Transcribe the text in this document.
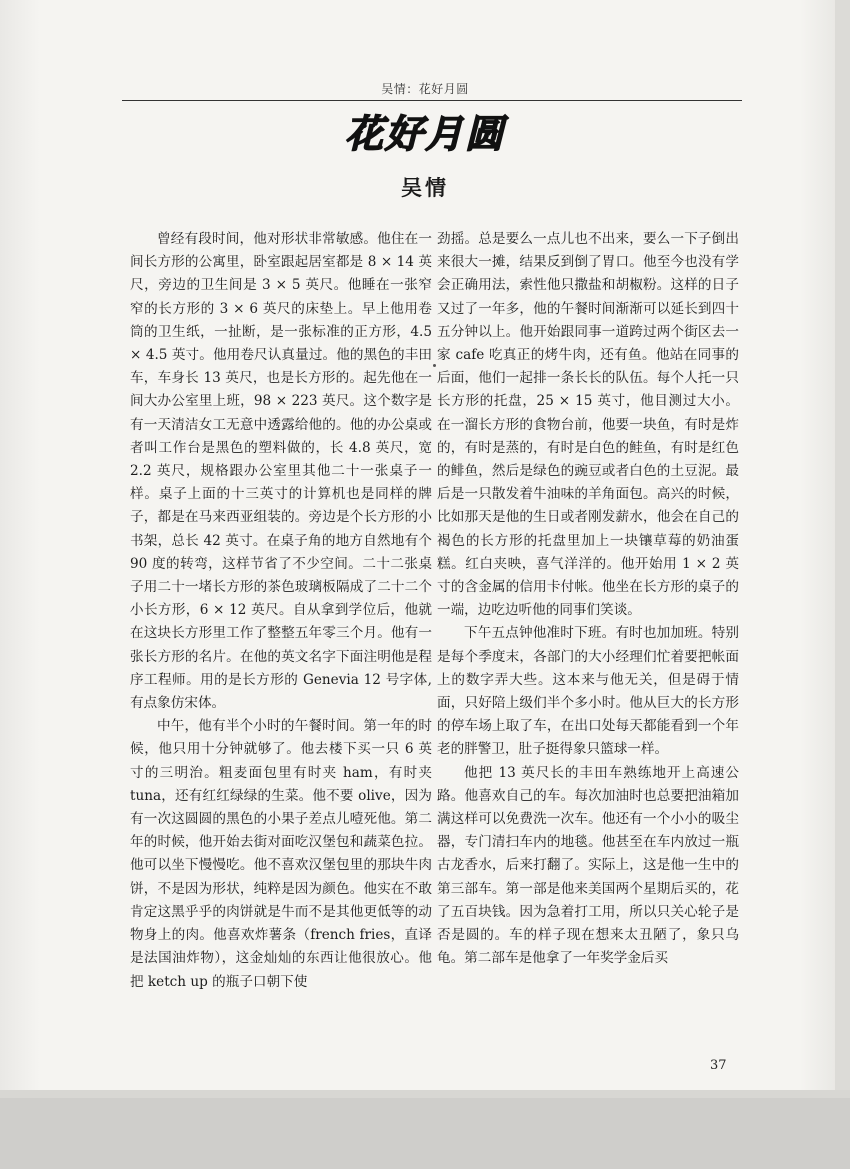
吴情：花好月圆
花好月圆
吴情

曾经有段时间，他对形状非常敏感。他住在一间长方形的公寓里，卧室跟起居室都是 8 × 14 英尺，旁边的卫生间是 3 × 5 英尺。他睡在一张窄窄的长方形的 3 × 6 英尺的床垫上。早上他用卷筒的卫生纸，一扯断，是一张标准的正方形，4.5 × 4.5 英寸。他用卷尺认真量过。他的黑色的丰田车，车身长 13 英尺，也是长方形的。起先他在一间大办公室里上班，98 × 223 英尺。这个数字是有一天清洁女工无意中透露给他的。他的办公桌或者叫工作台是黑色的塑料做的，长 4.8 英尺，宽 2.2 英尺，规格跟办公室里其他二十一张桌子一样。桌子上面的十三英寸的计算机也是同样的牌子，都是在马来西亚组装的。旁边是个长方形的小书架，总长 42 英寸。在桌子角的地方自然地有个 90 度的转弯，这样节省了不少空间。二十二张桌子用二十一堵长方形的茶色玻璃板隔成了二十二个小长方形，6 × 12 英尺。自从拿到学位后，他就在这块长方形里工作了整整五年零三个月。他有一张长方形的名片。在他的英文名字下面注明他是程序工程师。用的是长方形的 Genevia 12 号字体,有点象仿宋体。

中午，他有半个小时的午餐时间。第一年的时候，他只用十分钟就够了。他去楼下买一只 6 英寸的三明治。粗麦面包里有时夹 ham，有时夹 tuna，还有红红绿绿的生菜。他不要 olive，因为有一次这圆圆的黑色的小果子差点儿噎死他。第二年的时候，他开始去街对面吃汉堡包和蔬菜色拉。他可以坐下慢慢吃。他不喜欢汉堡包里的那块牛肉饼，不是因为形状，纯粹是因为颜色。他实在不敢肯定这黑乎乎的肉饼就是牛而不是其他更低等的动物身上的肉。他喜欢炸薯条（french fries，直译是法国油炸物），这金灿灿的东西让他很放心。他把 ketch up 的瓶子口朝下使

劲摇。总是要么一点儿也不出来，要么一下子倒出来很大一摊，结果反到倒了胃口。他至今也没有学会正确用法，索性他只撒盐和胡椒粉。这样的日子又过了一年多，他的午餐时间渐渐可以延长到四十五分钟以上。他开始跟同事一道跨过两个街区去一家 cafe 吃真正的烤牛肉，还有鱼。他站在同事的后面，他们一起排一条长长的队伍。每个人托一只长方形的托盘，25 × 15 英寸，他目测过大小。在一溜长方形的食物台前，他要一块鱼，有时是炸的，有时是蒸的，有时是白色的鲑鱼，有时是红色的鲱鱼，然后是绿色的豌豆或者白色的土豆泥。最后是一只散发着牛油味的羊角面包。高兴的时候，比如那天是他的生日或者刚发薪水，他会在自己的褐色的长方形的托盘里加上一块镶草莓的奶油蛋糕。红白夹映，喜气洋洋的。他开始用 1 × 2 英寸的含金属的信用卡付帐。他坐在长方形的桌子的一端，边吃边听他的同事们笑谈。

下午五点钟他准时下班。有时也加加班。特别是每个季度末，各部门的大小经理们忙着要把帐面上的数字弄大些。这本来与他无关，但是碍于情面，只好陪上级们半个多小时。他从巨大的长方形的停车场上取了车，在出口处每天都能看到一个年老的胖警卫，肚子挺得象只篮球一样。

他把 13 英尺长的丰田车熟练地开上高速公路。他喜欢自己的车。每次加油时也总要把油箱加满这样可以免费洗一次车。他还有一个小小的吸尘器，专门清扫车内的地毯。他甚至在车内放过一瓶古龙香水，后来打翻了。实际上，这是他一生中的第三部车。第一部是他来美国两个星期后买的，花了五百块钱。因为急着打工用，所以只关心轮子是否是圆的。车的样子现在想来太丑陋了，象只乌龟。第二部车是他拿了一年奖学金后买

37
